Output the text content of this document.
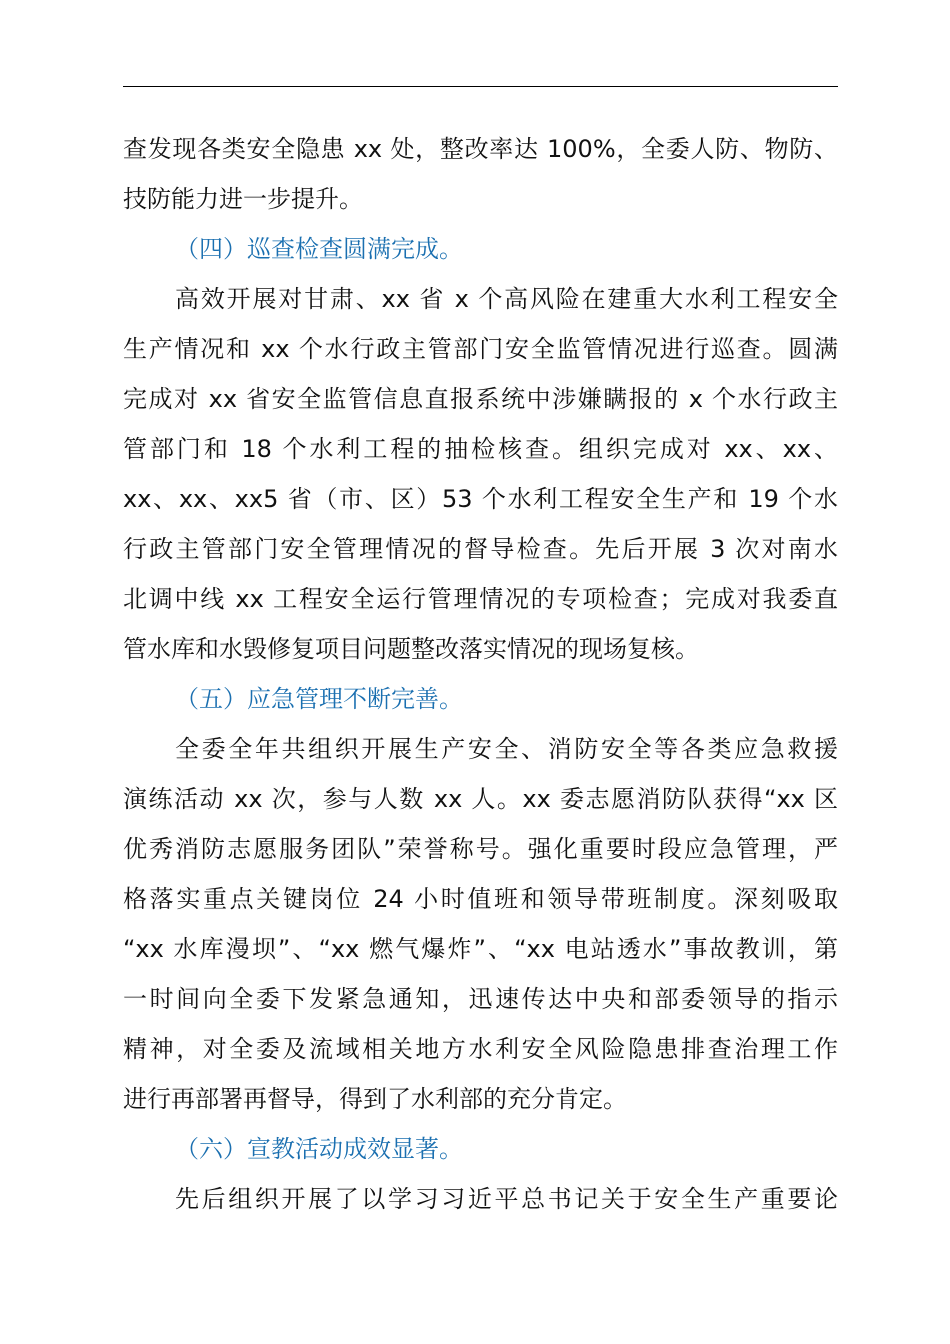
查发现各类安全隐患 xx 处，整改率达 100%，全委人防、物防、
技防能力进一步提升。
（四）巡查检查圆满完成。
高效开展对甘肃、xx 省 x 个高风险在建重大水利工程安全
生产情况和 xx 个水行政主管部门安全监管情况进行巡查。圆满
完成对 xx 省安全监管信息直报系统中涉嫌瞒报的 x 个水行政主
管部门和 18 个水利工程的抽检核查。组织完成对 xx、xx、
xx、xx、xx5 省（市、区）53 个水利工程安全生产和 19 个水
行政主管部门安全管理情况的督导检查。先后开展 3 次对南水
北调中线 xx 工程安全运行管理情况的专项检查；完成对我委直
管水库和水毁修复项目问题整改落实情况的现场复核。
（五）应急管理不断完善。
全委全年共组织开展生产安全、消防安全等各类应急救援
演练活动 xx 次，参与人数 xx 人。xx 委志愿消防队获得“xx 区
优秀消防志愿服务团队”荣誉称号。强化重要时段应急管理，严
格落实重点关键岗位 24 小时值班和领导带班制度。深刻吸取
“xx 水库漫坝”、“xx 燃气爆炸”、“xx 电站透水”事故教训，第
一时间向全委下发紧急通知，迅速传达中央和部委领导的指示
精神，对全委及流域相关地方水利安全风险隐患排查治理工作
进行再部署再督导，得到了水利部的充分肯定。
（六）宣教活动成效显著。
先后组织开展了以学习习近平总书记关于安全生产重要论
